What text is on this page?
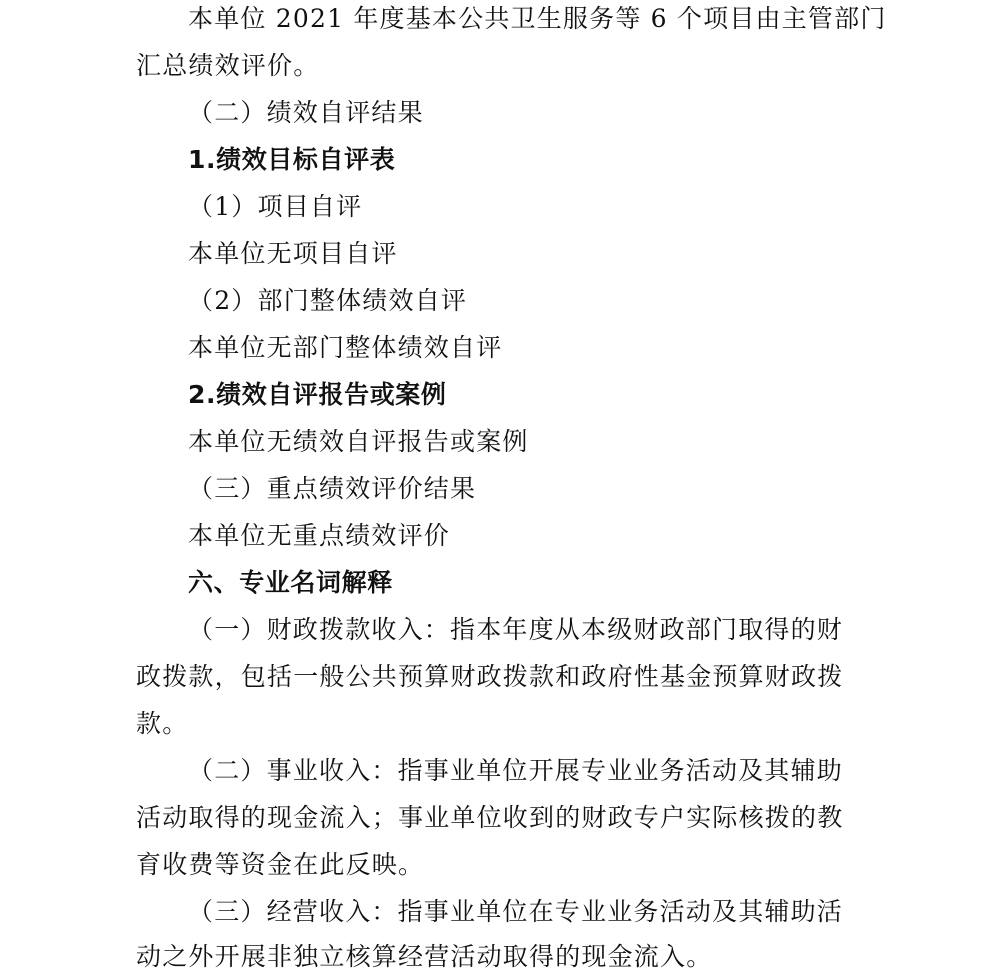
本单位 2021 年度基本公共卫生服务等 6 个项目由主管部门
汇总绩效评价。
（二）绩效自评结果
1.绩效目标自评表
（1）项目自评
本单位无项目自评
（2）部门整体绩效自评
本单位无部门整体绩效自评
2.绩效自评报告或案例
本单位无绩效自评报告或案例
（三）重点绩效评价结果
本单位无重点绩效评价
六、专业名词解释
（一）财政拨款收入：指本年度从本级财政部门取得的财
政拨款，包括一般公共预算财政拨款和政府性基金预算财政拨
款。
（二）事业收入：指事业单位开展专业业务活动及其辅助
活动取得的现金流入；事业单位收到的财政专户实际核拨的教
育收费等资金在此反映。
（三）经营收入：指事业单位在专业业务活动及其辅助活
动之外开展非独立核算经营活动取得的现金流入。
